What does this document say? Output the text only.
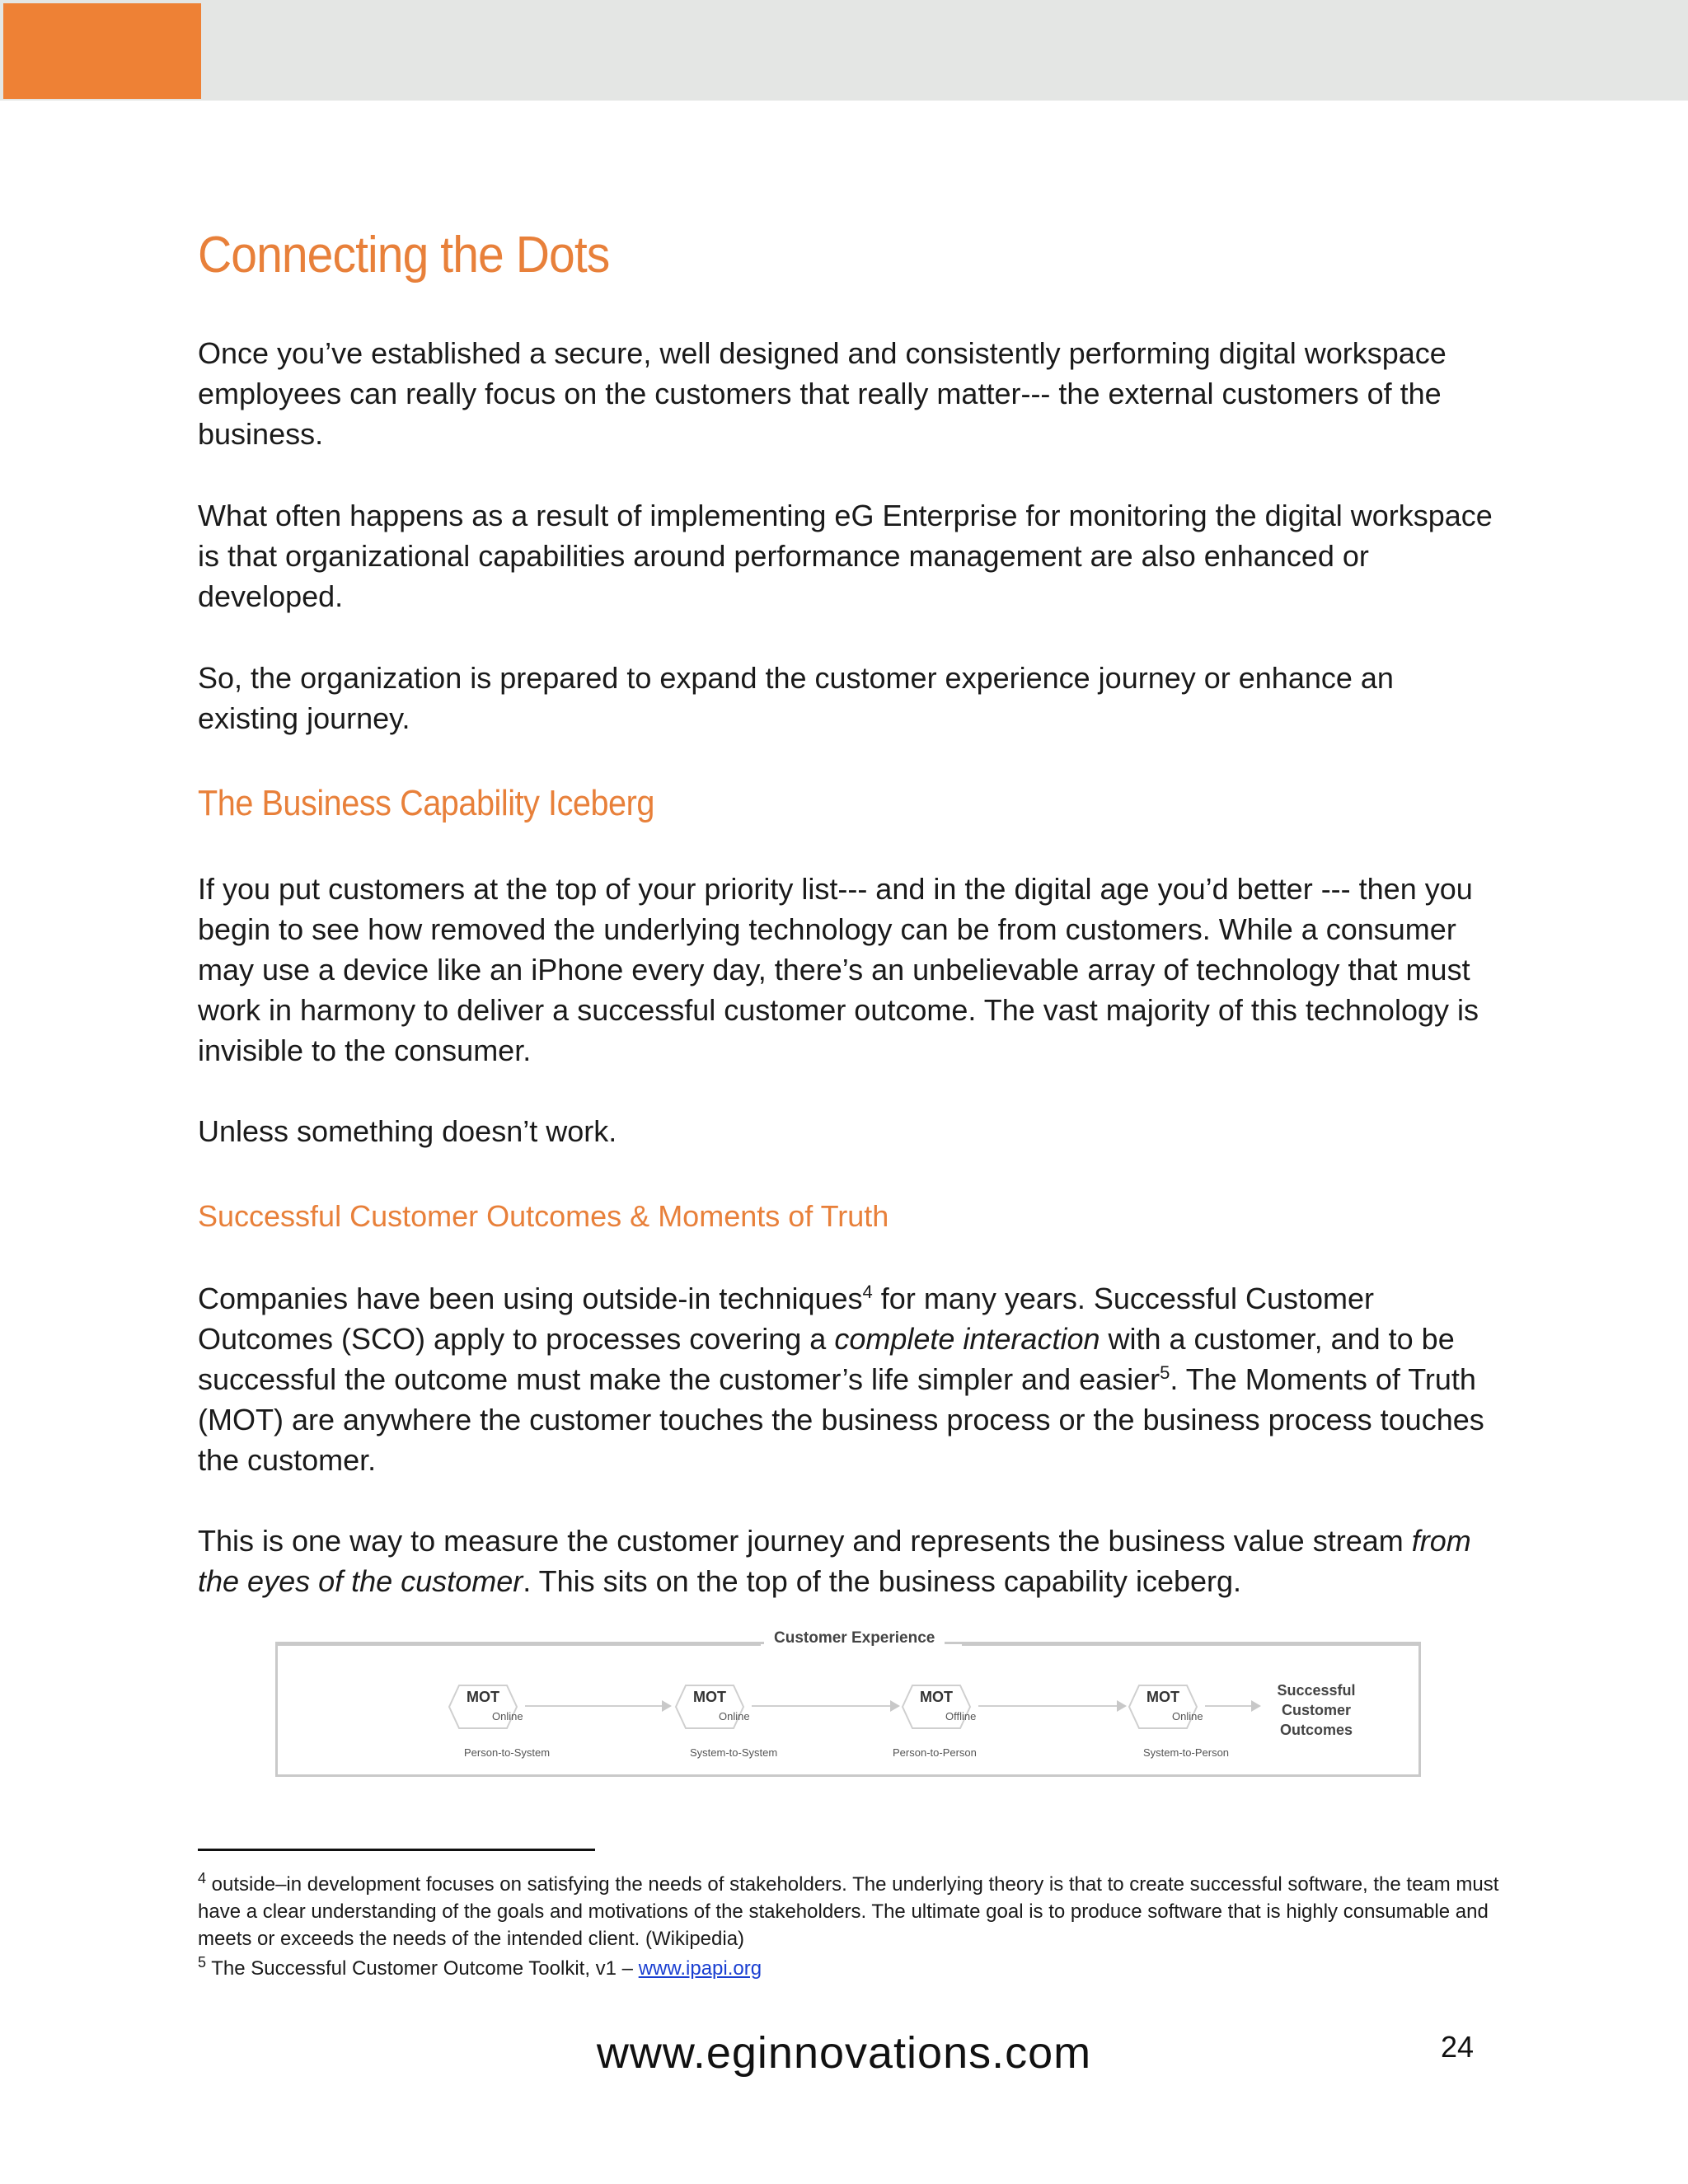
Connecting the Dots

Once you’ve established a secure, well designed and consistently performing digital workspace employees can really focus on the customers that really matter--- the external customers of the business.

What often happens as a result of implementing eG Enterprise for monitoring the digital workspace is that organizational capabilities around performance management are also enhanced or developed.

So, the organization is prepared to expand the customer experience journey or enhance an existing journey.

The Business Capability Iceberg

If you put customers at the top of your priority list--- and in the digital age you’d better --- then you begin to see how removed the underlying technology can be from customers. While a consumer may use a device like an iPhone every day, there’s an unbelievable array of technology that must work in harmony to deliver a successful customer outcome. The vast majority of this technology is invisible to the consumer.

Unless something doesn’t work.

Successful Customer Outcomes & Moments of Truth

Companies have been using outside-in techniques$^4$ for many years. Successful Customer Outcomes (SCO) apply to processes covering a complete interaction with a customer, and to be successful the outcome must make the customer’s life simpler and easier$^5$. The Moments of Truth (MOT) are anywhere the customer touches the business process or the business process touches the customer.

This is one way to measure the customer journey and represents the business value stream from the eyes of the customer. This sits on the top of the business capability iceberg.

Customer Experience
MOT
Online
Person-to-System
MOT
Online
System-to-System
MOT
Offline
Person-to-Person
MOT
Online
System-to-Person
Successful
Customer
Outcomes

$^4$ outside–in development focuses on satisfying the needs of stakeholders. The underlying theory is that to create successful software, the team must have a clear understanding of the goals and motivations of the stakeholders. The ultimate goal is to produce software that is highly consumable and meets or exceeds the needs of the intended client. (Wikipedia)

$^5$ The Successful Customer Outcome Toolkit, v1 – www.ipapi.org

www.eginnovations.com	24
